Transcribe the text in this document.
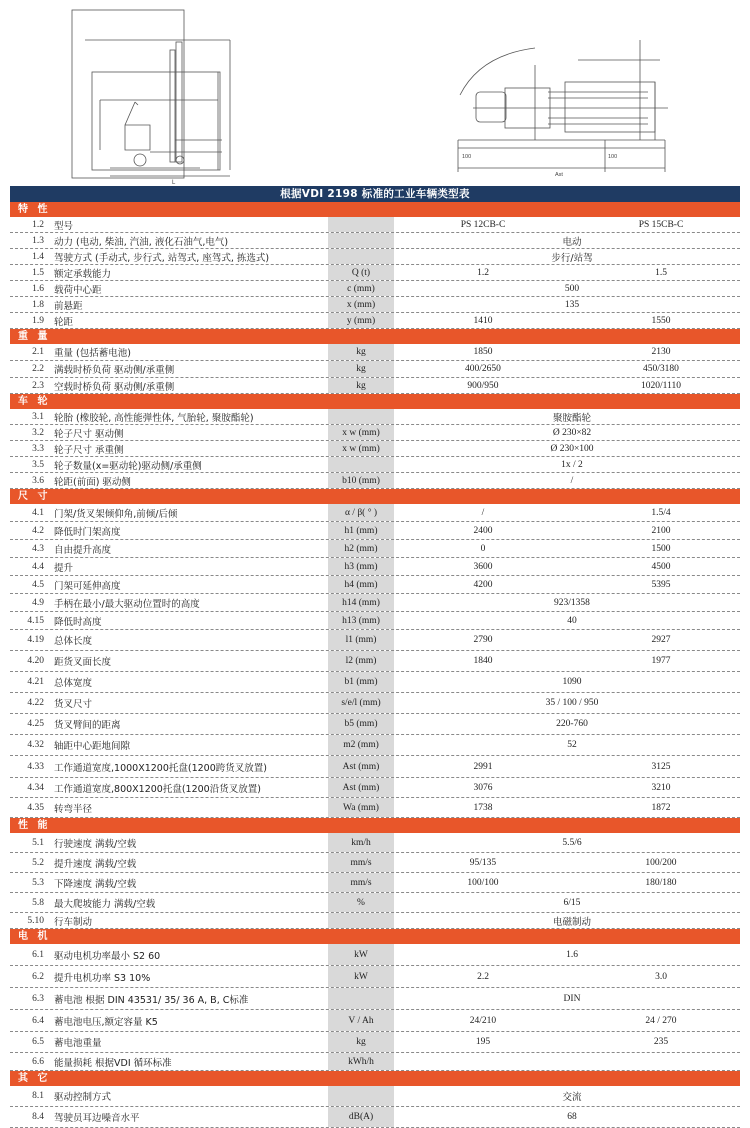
L
100	100
Ast
根据VDI 2198 标准的工业车辆类型表
特 性
1.2	型号	PS 12CB-C	PS 15CB-C
1.3	动力 (电动, 柴油, 汽油, 液化石油气,电气)	电动
1.4	驾驶方式 (手动式, 步行式, 站驾式, 座驾式, 拣选式)	步行/站驾
1.5	额定承载能力	Q (t)	1.2	1.5
1.6	载荷中心距	c (mm)	500
1.8	前悬距	x (mm)	135
1.9	轮距	y (mm)	1410	1550
重 量
2.1	重量 (包括蓄电池)	kg	1850	2130
2.2	满载时桥负荷 驱动侧/承重侧	kg	400/2650	450/3180
2.3	空载时桥负荷 驱动侧/承重侧	kg	900/950	1020/1110
车 轮
3.1	轮胎 (橡胶轮, 高性能弹性体, 气胎轮, 聚胺酯轮)	聚胺酯轮
3.2	轮子尺寸 驱动侧	x w (mm)	Ø 230×82
3.3	轮子尺寸 承重侧	x w (mm)	Ø 230×100
3.5	轮子数量(x=驱动轮)驱动侧/承重侧	1x / 2
3.6	轮距(前面) 驱动侧	b10 (mm)	/
尺 寸
4.1	门架/货叉架倾仰角,前倾/后倾	α / β( ° )	/	1.5/4
4.2	降低时门架高度	h1 (mm)	2400	2100
4.3	自由提升高度	h2 (mm)	0	1500
4.4	提升	h3 (mm)	3600	4500
4.5	门架可延伸高度	h4 (mm)	4200	5395
4.9	手柄在最小/最大驱动位置时的高度	h14 (mm)	923/1358
4.15	降低时高度	h13 (mm)	40
4.19	总体长度	l1 (mm)	2790	2927
4.20	距货叉面长度	l2 (mm)	1840	1977
4.21	总体宽度	b1 (mm)	1090
4.22	货叉尺寸	s/e/l (mm)	35 / 100 / 950
4.25	货叉臂间的距离	b5 (mm)	220-760
4.32	轴距中心距地间隙	m2 (mm)	52
4.33	工作通道宽度,1000X1200托盘(1200跨货叉放置)	Ast (mm)	2991	3125
4.34	工作通道宽度,800X1200托盘(1200沿货叉放置)	Ast (mm)	3076	3210
4.35	转弯半径	Wa (mm)	1738	1872
性 能
5.1	行驶速度 满载/空载	km/h	5.5/6
5.2	提升速度 满载/空载	mm/s	95/135	100/200
5.3	下降速度 满载/空载	mm/s	100/100	180/180
5.8	最大爬坡能力 满载/空载	%	6/15
5.10	行车制动	电磁制动
电 机
6.1	驱动电机功率最小 S2 60	kW	1.6
6.2	提升电机功率 S3 10%	kW	2.2	3.0
6.3	蓄电池 根据 DIN 43531/ 35/ 36 A, B, C标准	DIN
6.4	蓄电池电压,额定容量 K5	V / Ah	24/210	24 / 270
6.5	蓄电池重量	kg	195	235
6.6	能量损耗 根据VDI 循环标准	kWh/h
其 它
8.1	驱动控制方式	交流
8.4	驾驶员耳边噪音水平	dB(A)	68
